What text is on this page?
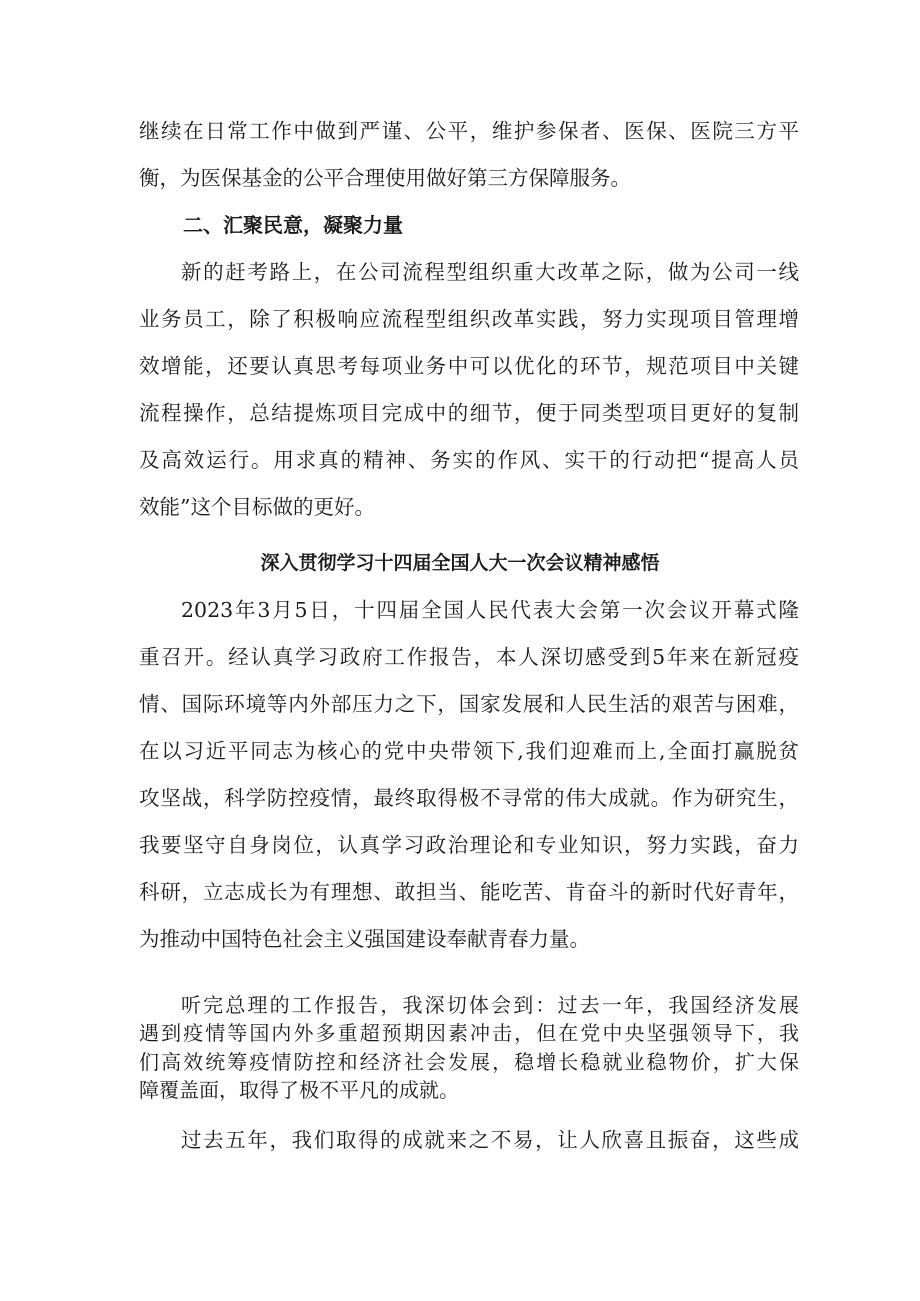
继续在日常工作中做到严谨、公平，维护参保者、医保、医院三方平
衡，为医保基金的公平合理使用做好第三方保障服务。
二、汇聚民意，凝聚力量
新的赶考路上，在公司流程型组织重大改革之际，做为公司一线
业务员工，除了积极响应流程型组织改革实践，努力实现项目管理增
效增能，还要认真思考每项业务中可以优化的环节，规范项目中关键
流程操作，总结提炼项目完成中的细节，便于同类型项目更好的复制
及高效运行。用求真的精神、务实的作风、实干的行动把“提高人员
效能”这个目标做的更好。
深入贯彻学习十四届全国人大一次会议精神感悟
2023年3月5日，十四届全国人民代表大会第一次会议开幕式隆
重召开。经认真学习政府工作报告，本人深切感受到5年来在新冠疫
情、国际环境等内外部压力之下，国家发展和人民生活的艰苦与困难，
在以习近平同志为核心的党中央带领下,我们迎难而上,全面打赢脱贫
攻坚战，科学防控疫情，最终取得极不寻常的伟大成就。作为研究生，
我要坚守自身岗位，认真学习政治理论和专业知识，努力实践，奋力
科研，立志成长为有理想、敢担当、能吃苦、肯奋斗的新时代好青年，
为推动中国特色社会主义强国建设奉献青春力量。
听完总理的工作报告，我深切体会到：过去一年，我国经济发展
遇到疫情等国内外多重超预期因素冲击，但在党中央坚强领导下，我
们高效统筹疫情防控和经济社会发展，稳增长稳就业稳物价，扩大保
障覆盖面，取得了极不平凡的成就。
过去五年，我们取得的成就来之不易，让人欣喜且振奋，这些成
